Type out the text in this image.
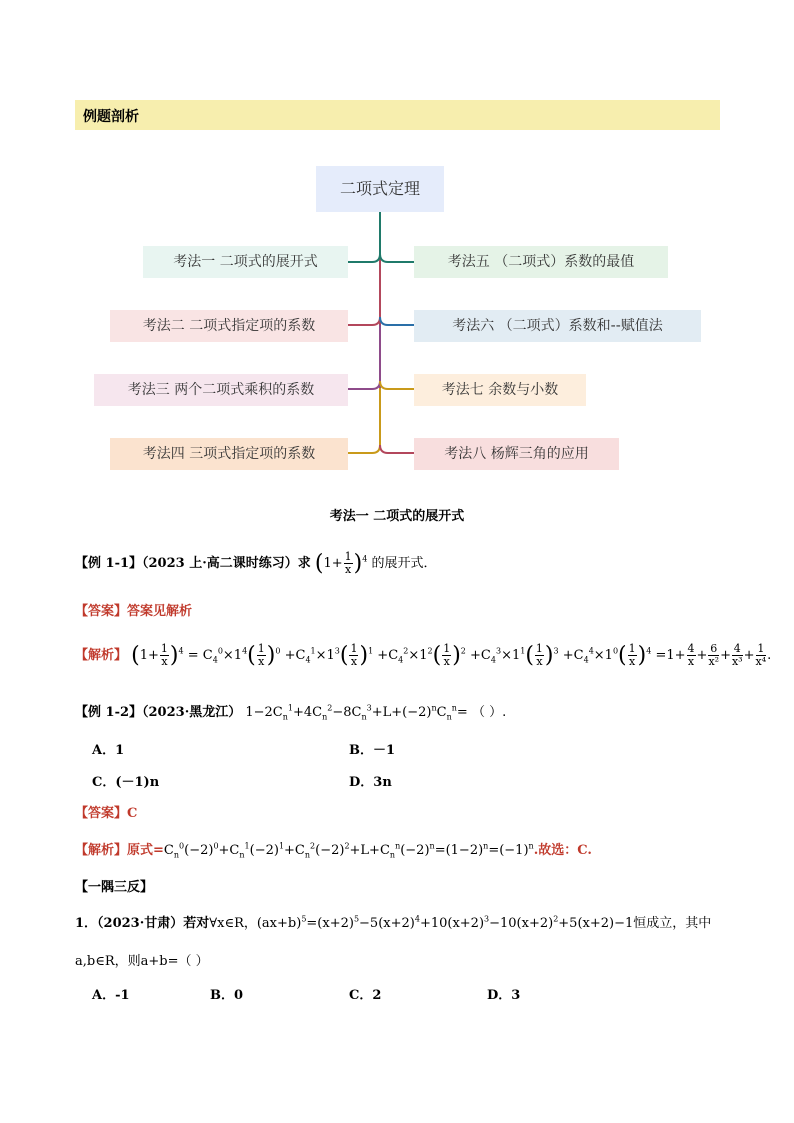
例题剖析
二项式定理
考法一 二项式的展开式
考法二 二项式指定项的系数
考法三 两个二项式乘积的系数
考法四 三项式指定项的系数
考法五 （二项式）系数的最值
考法六 （二项式）系数和--赋值法
考法七 余数与小数
考法八 杨辉三角的应用
考法一 二项式的展开式
【例 1-1】（2023 上·高二课时练习）求 $(1+ \frac{1}{x} )^4$ 的展开式．
【答案】答案见解析
【解析】 $(1+ \frac{1}{x} )^4 = C_4^0\times 1^4( \frac{1}{x} )^0 +C_4^1\times 1^3( \frac{1}{x} )^1 +C_4^2\times 1^2( \frac{1}{x} )^2 +C_4^3\times 1^1( \frac{1}{x} )^3 +C_4^4\times 1^0( \frac{1}{x} )^4 =1+ \frac{4}{x} + \frac{6}{\text{x²}} + \frac{4}{\text{x³}} + \frac{1}{\text{x⁴}}$ .
【例 1-2】（2023·黑龙江） $1-2C_n^1+4C_n^2-8C_n^3+L+(-2)^nC_n^n=$ （ ）.
A．1	B．－1
C．(－1)n	D．3n
【答案】C
【解析】原式$=C_n^0(-2)^0+C_n^1(-2)^1+C_n^2(-2)^2+L+C_n^n(-2)^n=(1-2)^n=(-1)^n$.故选：C.
【一隅三反】
1．（2023·甘肃）若对∀x∈R，$(ax+b)^5=(x+2)^5-5(x+2)^4+10(x+2)^3-10(x+2)^2+5(x+2)-1$恒成立，其中
a,b∈R，则a+b=（ ）
A．-1	B．0	C．2	D．3
